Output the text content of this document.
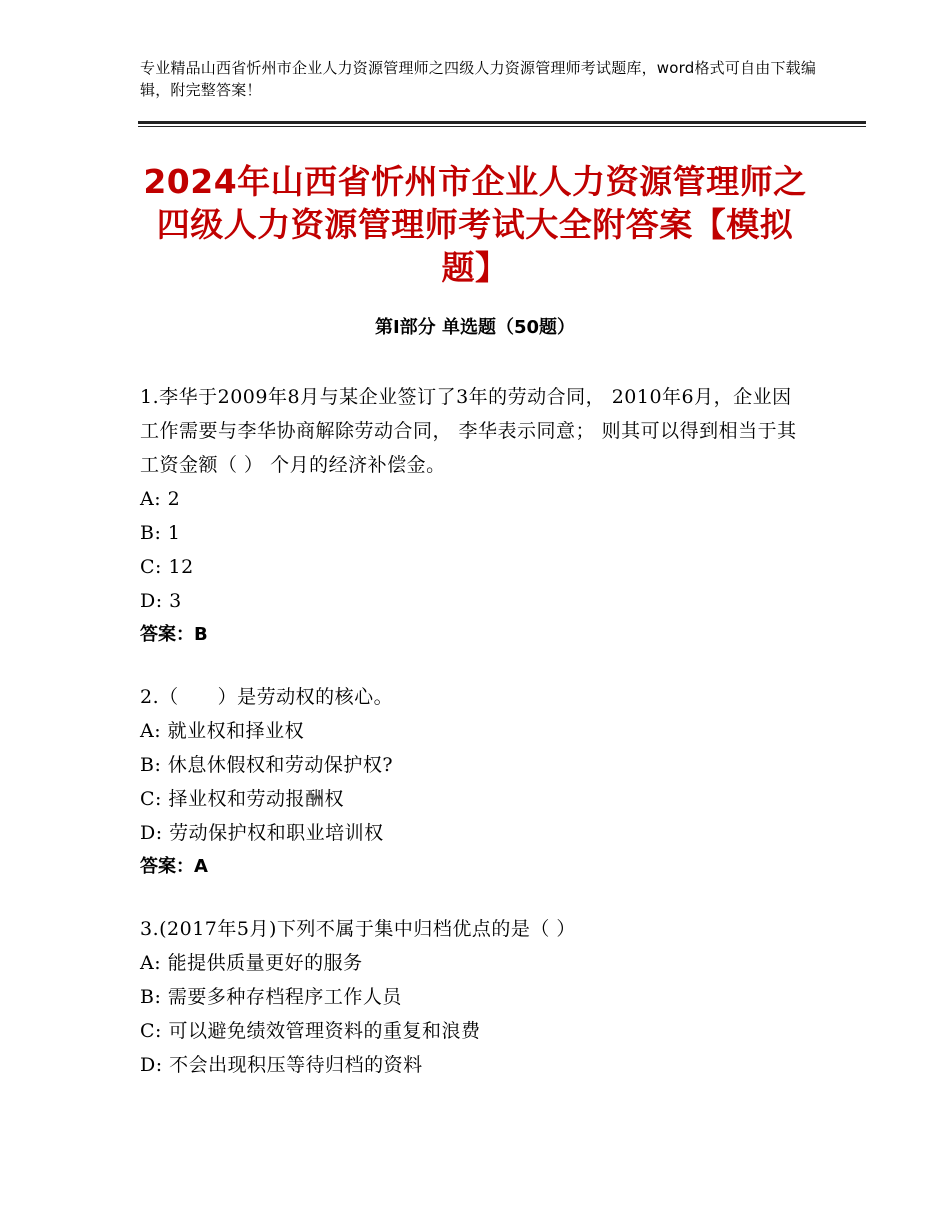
专业精品山西省忻州市企业人力资源管理师之四级人力资源管理师考试题库，word格式可自由下载编辑，附完整答案！
2024年山西省忻州市企业人力资源管理师之四级人力资源管理师考试大全附答案【模拟题】
第Ⅰ部分 单选题（50题）
1.李华于2009年8月与某企业签订了3年的劳动合同， 2010年6月，企业因工作需要与李华协商解除劳动合同， 李华表示同意； 则其可以得到相当于其工资金额（ ） 个月的经济补偿金。
A: 2
B: 1
C: 12
D: 3
答案：B
2.（　　）是劳动权的核心。
A: 就业权和择业权
B: 休息休假权和劳动保护权?
C: 择业权和劳动报酬权
D: 劳动保护权和职业培训权
答案：A
3.(2017年5月)下列不属于集中归档优点的是（ ）
A: 能提供质量更好的服务
B: 需要多种存档程序工作人员
C: 可以避免绩效管理资料的重复和浪费
D: 不会出现积压等待归档的资料
